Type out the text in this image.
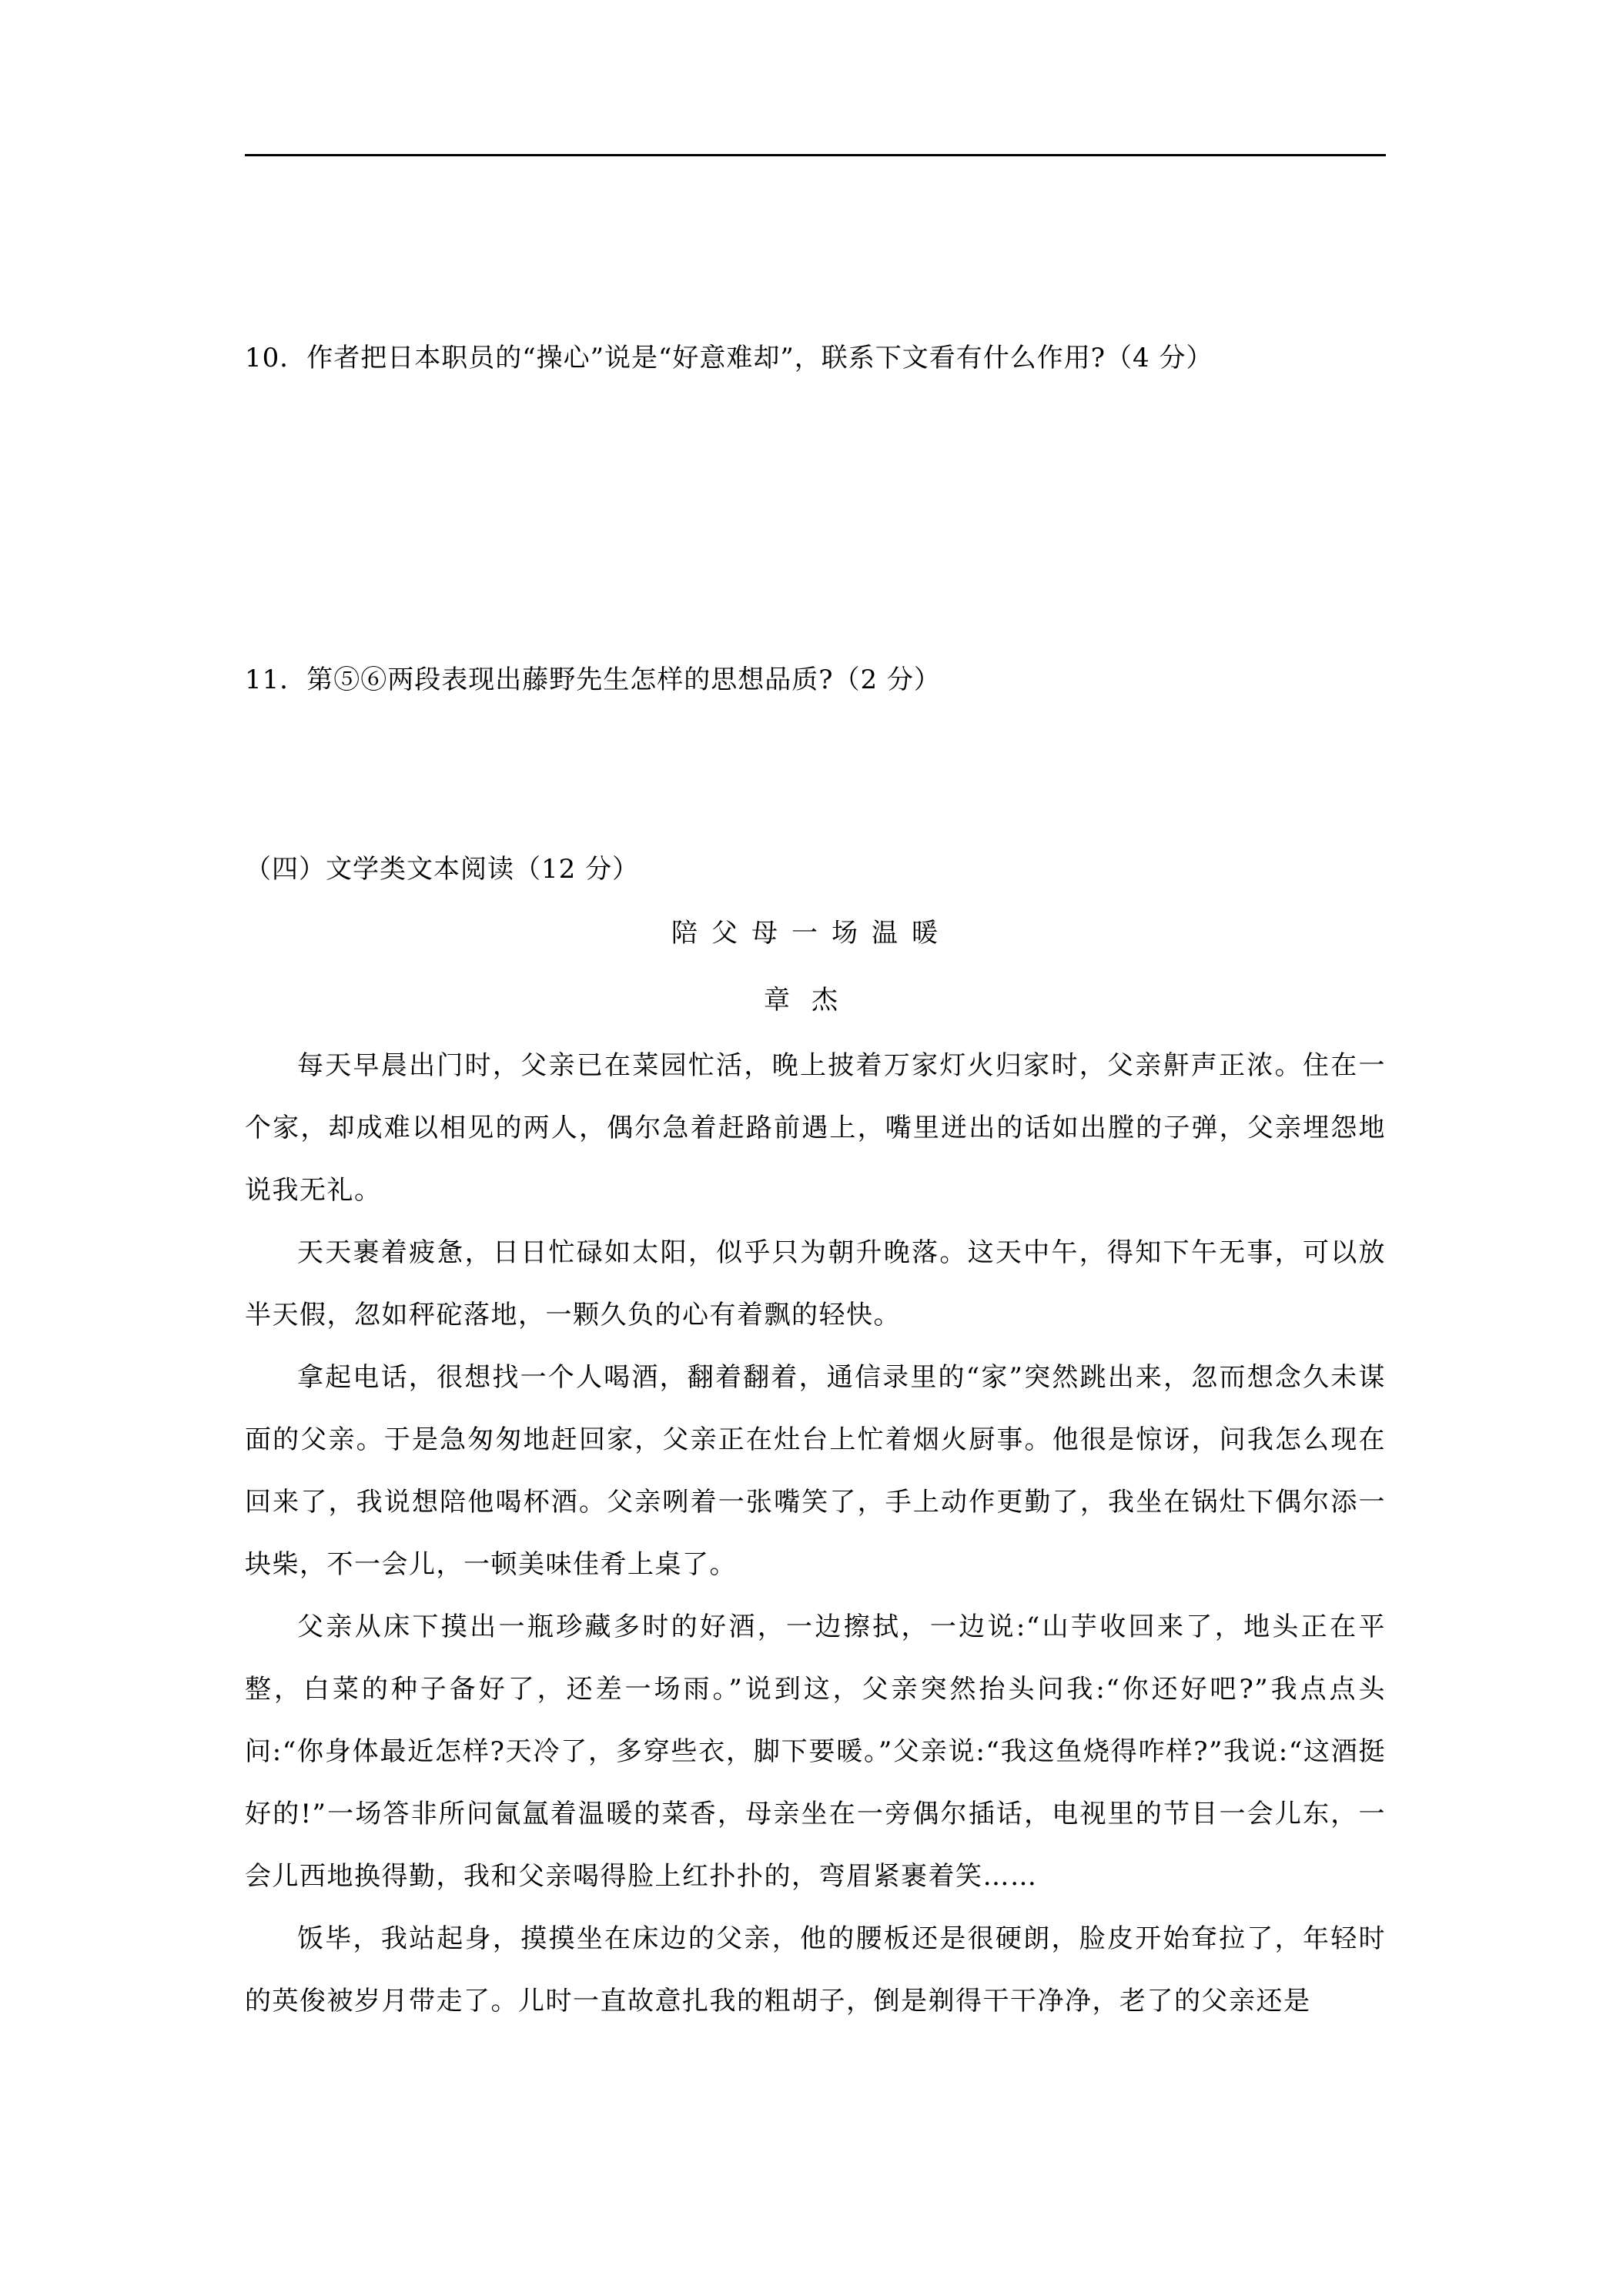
10．作者把日本职员的“操心”说是“好意难却”，联系下文看有什么作用?（4 分）
11．第⑤⑥两段表现出藤野先生怎样的思想品质?（2 分）
（四）文学类文本阅读（12 分）
陪父母一场温暖
章杰

每天早晨出门时，父亲已在菜园忙活，晚上披着万家灯火归家时，父亲鼾声正浓。住在一个家，却成难以相见的两人，偶尔急着赶路前遇上，嘴里迸出的话如出膛的子弹，父亲埋怨地说我无礼。

天天裹着疲惫，日日忙碌如太阳，似乎只为朝升晚落。这天中午，得知下午无事，可以放半天假，忽如秤砣落地，一颗久负的心有着飘的轻快。

拿起电话，很想找一个人喝酒，翻着翻着，通信录里的“家”突然跳出来，忽而想念久未谋面的父亲。于是急匆匆地赶回家，父亲正在灶台上忙着烟火厨事。他很是惊讶，问我怎么现在回来了，我说想陪他喝杯酒。父亲咧着一张嘴笑了，手上动作更勤了，我坐在锅灶下偶尔添一块柴，不一会儿，一顿美味佳肴上桌了。

父亲从床下摸出一瓶珍藏多时的好酒，一边擦拭，一边说:“山芋收回来了，地头正在平整，白菜的种子备好了，还差一场雨。”说到这，父亲突然抬头问我:“你还好吧?”我点点头问:“你身体最近怎样?天冷了，多穿些衣，脚下要暖。”父亲说:“我这鱼烧得咋样?”我说:“这酒挺好的!”一场答非所问氤氲着温暖的菜香，母亲坐在一旁偶尔插话，电视里的节目一会儿东，一会儿西地换得勤，我和父亲喝得脸上红扑扑的，弯眉紧裹着笑……

饭毕，我站起身，摸摸坐在床边的父亲，他的腰板还是很硬朗，脸皮开始耷拉了，年轻时的英俊被岁月带走了。儿时一直故意扎我的粗胡子，倒是剃得干干净净，老了的父亲还是
